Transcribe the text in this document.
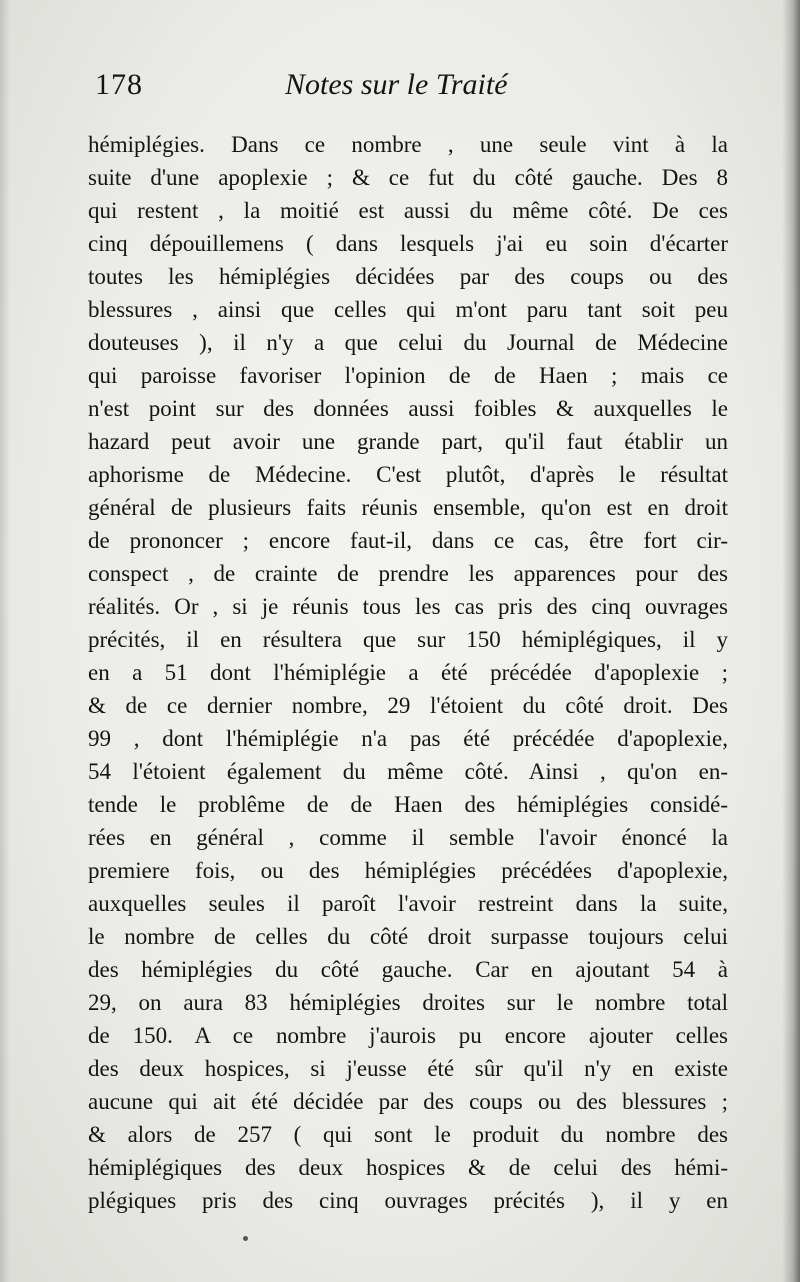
178	Notes sur le Traité
hémiplégies. Dans ce nombre , une seule vint à la
suite d'une apoplexie ; & ce fut du côté gauche. Des 8
qui restent , la moitié est aussi du même côté. De ces
cinq dépouillemens ( dans lesquels j'ai eu soin d'écarter
toutes les hémiplégies décidées par des coups ou des
blessures , ainsi que celles qui m'ont paru tant soit peu
douteuses ), il n'y a que celui du Journal de Médecine
qui paroisse favoriser l'opinion de de Haen ; mais ce
n'est point sur des données aussi foibles & auxquelles le
hazard peut avoir une grande part, qu'il faut établir un
aphorisme de Médecine. C'est plutôt, d'après le résultat
général de plusieurs faits réunis ensemble, qu'on est en droit
de prononcer ; encore faut-il, dans ce cas, être fort cir-
conspect , de crainte de prendre les apparences pour des
réalités. Or , si je réunis tous les cas pris des cinq ouvrages
précités, il en résultera que sur 150 hémiplégiques, il y
en a 51 dont l'hémiplégie a été précédée d'apoplexie ;
& de ce dernier nombre, 29 l'étoient du côté droit. Des
99 , dont l'hémiplégie n'a pas été précédée d'apoplexie,
54 l'étoient également du même côté. Ainsi , qu'on en-
tende le problême de de Haen des hémiplégies considé-
rées en général , comme il semble l'avoir énoncé la
premiere fois, ou des hémiplégies précédées d'apoplexie,
auxquelles seules il paroît l'avoir restreint dans la suite,
le nombre de celles du côté droit surpasse toujours celui
des hémiplégies du côté gauche. Car en ajoutant 54 à
29, on aura 83 hémiplégies droites sur le nombre total
de 150. A ce nombre j'aurois pu encore ajouter celles
des deux hospices, si j'eusse été sûr qu'il n'y en existe
aucune qui ait été décidée par des coups ou des blessures ;
& alors de 257 ( qui sont le produit du nombre des
hémiplégiques des deux hospices & de celui des hémi-
plégiques pris des cinq ouvrages précités ), il y en
